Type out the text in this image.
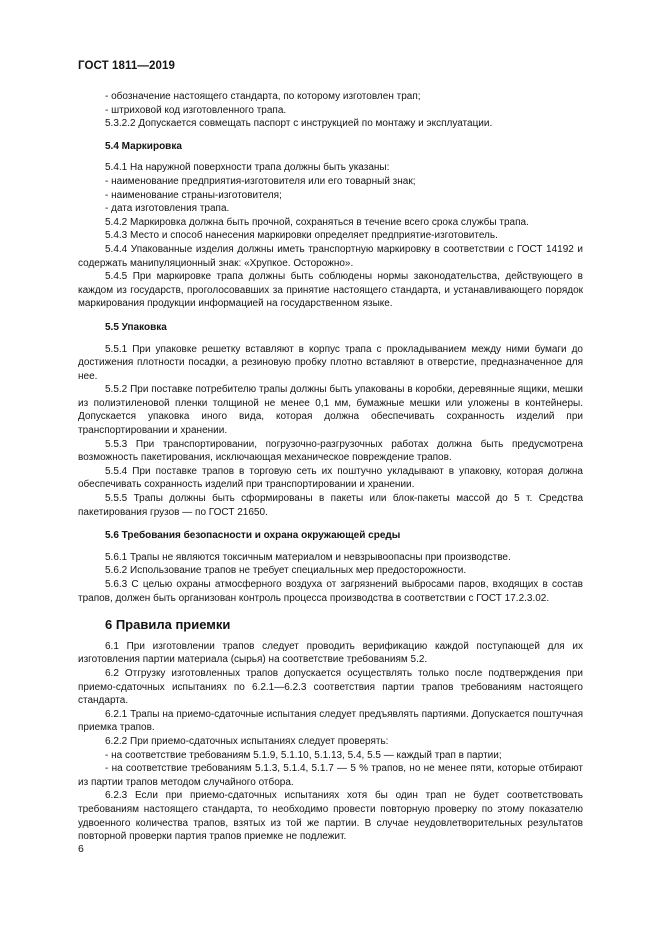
ГОСТ 1811—2019

- обозначение настоящего стандарта, по которому изготовлен трап;

- штриховой код изготовленного трапа.

5.3.2.2 Допускается совмещать паспорт с инструкцией по монтажу и эксплуатации.

5.4 Маркировка

5.4.1 На наружной поверхности трапа должны быть указаны:

- наименование предприятия-изготовителя или его товарный знак;

- наименование страны-изготовителя;

- дата изготовления трапа.

5.4.2 Маркировка должна быть прочной, сохраняться в течение всего срока службы трапа.

5.4.3 Место и способ нанесения маркировки определяет предприятие-изготовитель.

5.4.4 Упакованные изделия должны иметь транспортную маркировку в соответствии с ГОСТ 14192 и содержать манипуляционный знак: «Хрупкое. Осторожно».

5.4.5 При маркировке трапа должны быть соблюдены нормы законодательства, действующего в каждом из государств, проголосовавших за принятие настоящего стандарта, и устанавливающего порядок маркирования продукции информацией на государственном языке.

5.5 Упаковка

5.5.1 При упаковке решетку вставляют в корпус трапа с прокладыванием между ними бумаги до достижения плотности посадки, а резиновую пробку плотно вставляют в отверстие, предназначенное для нее.

5.5.2 При поставке потребителю трапы должны быть упакованы в коробки, деревянные ящики, мешки из полиэтиленовой пленки толщиной не менее 0,1 мм, бумажные мешки или уложены в контейнеры. Допускается упаковка иного вида, которая должна обеспечивать сохранность изделий при транспортировании и хранении.

5.5.3 При транспортировании, погрузочно-разгрузочных работах должна быть предусмотрена возможность пакетирования, исключающая механическое повреждение трапов.

5.5.4 При поставке трапов в торговую сеть их поштучно укладывают в упаковку, которая должна обеспечивать сохранность изделий при транспортировании и хранении.

5.5.5 Трапы должны быть сформированы в пакеты или блок-пакеты массой до 5 т. Средства пакетирования грузов — по ГОСТ 21650.

5.6 Требования безопасности и охрана окружающей среды

5.6.1 Трапы не являются токсичным материалом и невзрывоопасны при производстве.

5.6.2 Использование трапов не требует специальных мер предосторожности.

5.6.3 С целью охраны атмосферного воздуха от загрязнений выбросами паров, входящих в состав трапов, должен быть организован контроль процесса производства в соответствии с ГОСТ 17.2.3.02.

6 Правила приемки

6.1 При изготовлении трапов следует проводить верификацию каждой поступающей для их изготовления партии материала (сырья) на соответствие требованиям 5.2.

6.2 Отгрузку изготовленных трапов допускается осуществлять только после подтверждения при приемо-сдаточных испытаниях по 6.2.1—6.2.3 соответствия партии трапов требованиям настоящего стандарта.

6.2.1 Трапы на приемо-сдаточные испытания следует предъявлять партиями. Допускается поштучная приемка трапов.

6.2.2 При приемо-сдаточных испытаниях следует проверять:

- на соответствие требованиям 5.1.9, 5.1.10, 5.1.13, 5.4, 5.5 — каждый трап в партии;

- на соответствие требованиям 5.1.3, 5.1.4, 5.1.7 — 5 % трапов, но не менее пяти, которые отбирают из партии трапов методом случайного отбора.

6.2.3 Если при приемо-сдаточных испытаниях хотя бы один трап не будет соответствовать требованиям настоящего стандарта, то необходимо провести повторную проверку по этому показателю удвоенного количества трапов, взятых из той же партии. В случае неудовлетворительных результатов повторной проверки партия трапов приемке не подлежит.

6
